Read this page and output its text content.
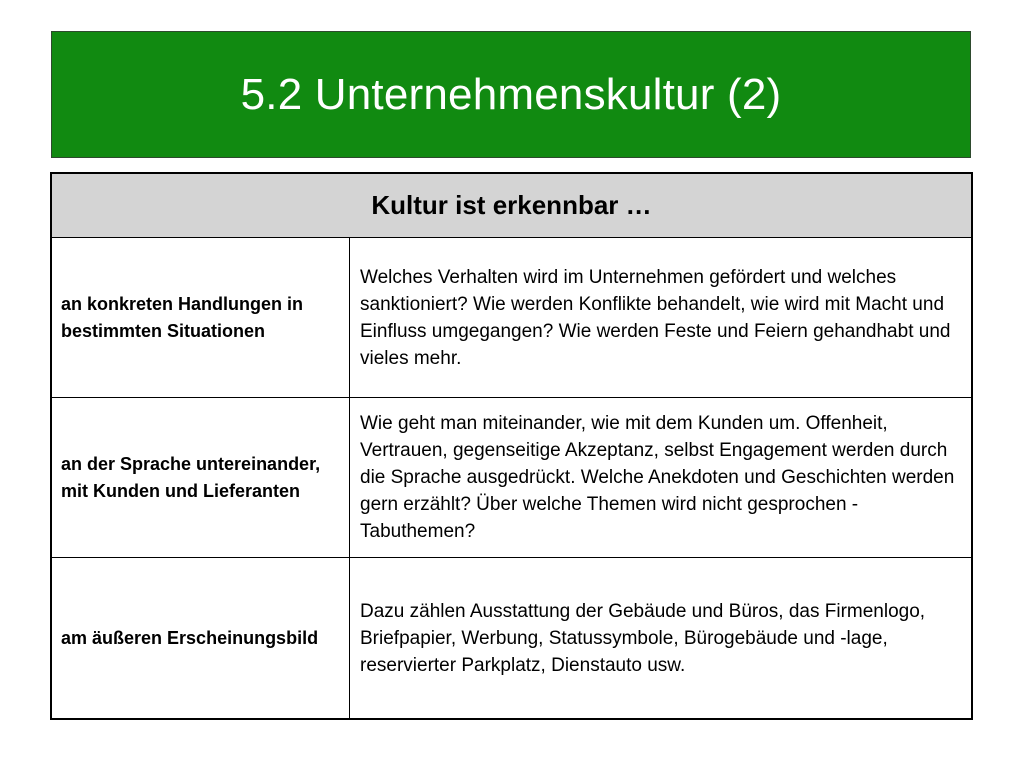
5.2 Unternehmenskultur (2)
Kultur ist erkennbar …
an konkreten Handlungen in bestimmten Situationen
Welches Verhalten wird im Unternehmen gefördert und welches sanktioniert? Wie werden Konflikte behandelt, wie wird mit Macht und Einfluss umgegangen? Wie werden Feste und Feiern gehandhabt und vieles mehr.
an der Sprache untereinander, mit Kunden und Lieferanten
Wie geht man miteinander, wie mit dem Kunden um. Offenheit, Vertrauen, gegenseitige Akzeptanz, selbst Engagement werden durch die Sprache ausgedrückt. Welche Anekdoten und Geschichten werden gern erzählt? Über welche Themen wird nicht gesprochen - Tabuthemen?
am äußeren Erscheinungsbild
Dazu zählen Ausstattung der Gebäude und Büros, das Firmenlogo, Briefpapier, Werbung, Statussymbole, Bürogebäude und -lage, reservierter Parkplatz, Dienstauto usw.
